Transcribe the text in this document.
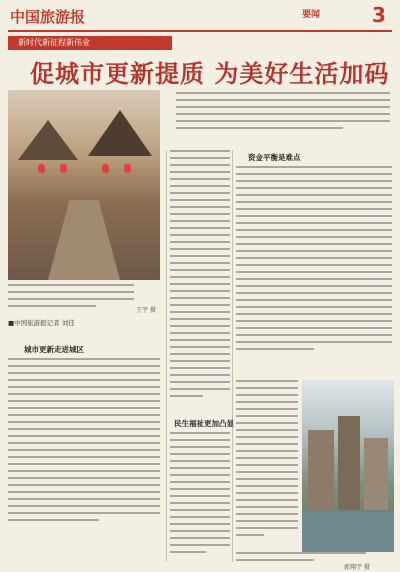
中国旅游报	要闻	3
新时代新征程新伟业
促城市更新提质 为美好生活加码
王宇 摄
■中国旅游报记者 刘佳
城市更新走进城区
民生福祉更加凸显
资金平衡是难点
郭翔宇 摄
